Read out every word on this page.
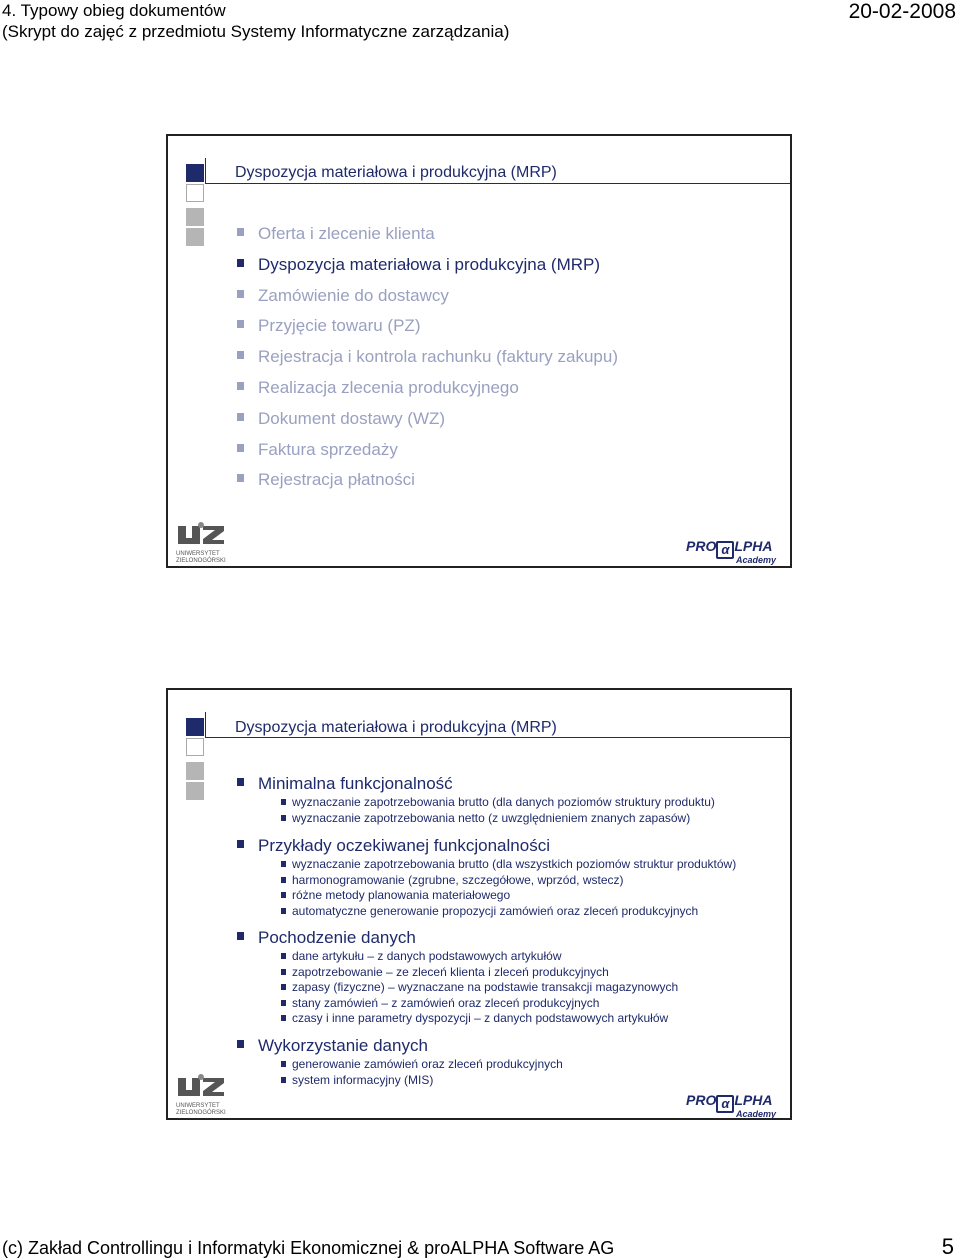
4. Typowy obieg dokumentów
(Skrypt do zajęć z przedmiotu Systemy Informatyczne zarządzania)
20-02-2008
Dyspozycja materiałowa i produkcyjna (MRP)
Oferta i zlecenie klienta
Dyspozycja materiałowa i produkcyjna (MRP)
Zamówienie do dostawcy
Przyjęcie towaru (PZ)
Rejestracja i kontrola rachunku (faktury zakupu)
Realizacja zlecenia produkcyjnego
Dokument dostawy (WZ)
Faktura sprzedaży
Rejestracja płatności
UNIWERSYTET
ZIELONOGÓRSKI
PRO α LPHA
Academy
Dyspozycja materiałowa i produkcyjna (MRP)
Minimalna funkcjonalność
wyznaczanie zapotrzebowania brutto (dla danych poziomów struktury produktu)
wyznaczanie zapotrzebowania netto (z uwzględnieniem znanych zapasów)
Przykłady oczekiwanej funkcjonalności
wyznaczanie zapotrzebowania brutto (dla wszystkich poziomów struktur produktów)
harmonogramowanie (zgrubne, szczegółowe, wprzód, wstecz)
różne metody planowania materiałowego
automatyczne generowanie propozycji zamówień oraz zleceń produkcyjnych
Pochodzenie danych
dane artykułu – z danych podstawowych artykułów
zapotrzebowanie – ze zleceń klienta i zleceń produkcyjnych
zapasy (fizyczne) – wyznaczane na podstawie transakcji magazynowych
stany zamówień – z zamówień oraz zleceń produkcyjnych
czasy i inne parametry dyspozycji – z danych podstawowych artykułów
Wykorzystanie danych
generowanie zamówień oraz zleceń produkcyjnych
system informacyjny (MIS)
UNIWERSYTET
ZIELONOGÓRSKI
PRO α LPHA
Academy
(c) Zakład Controllingu i Informatyki Ekonomicznej & proALPHA Software AG	5
